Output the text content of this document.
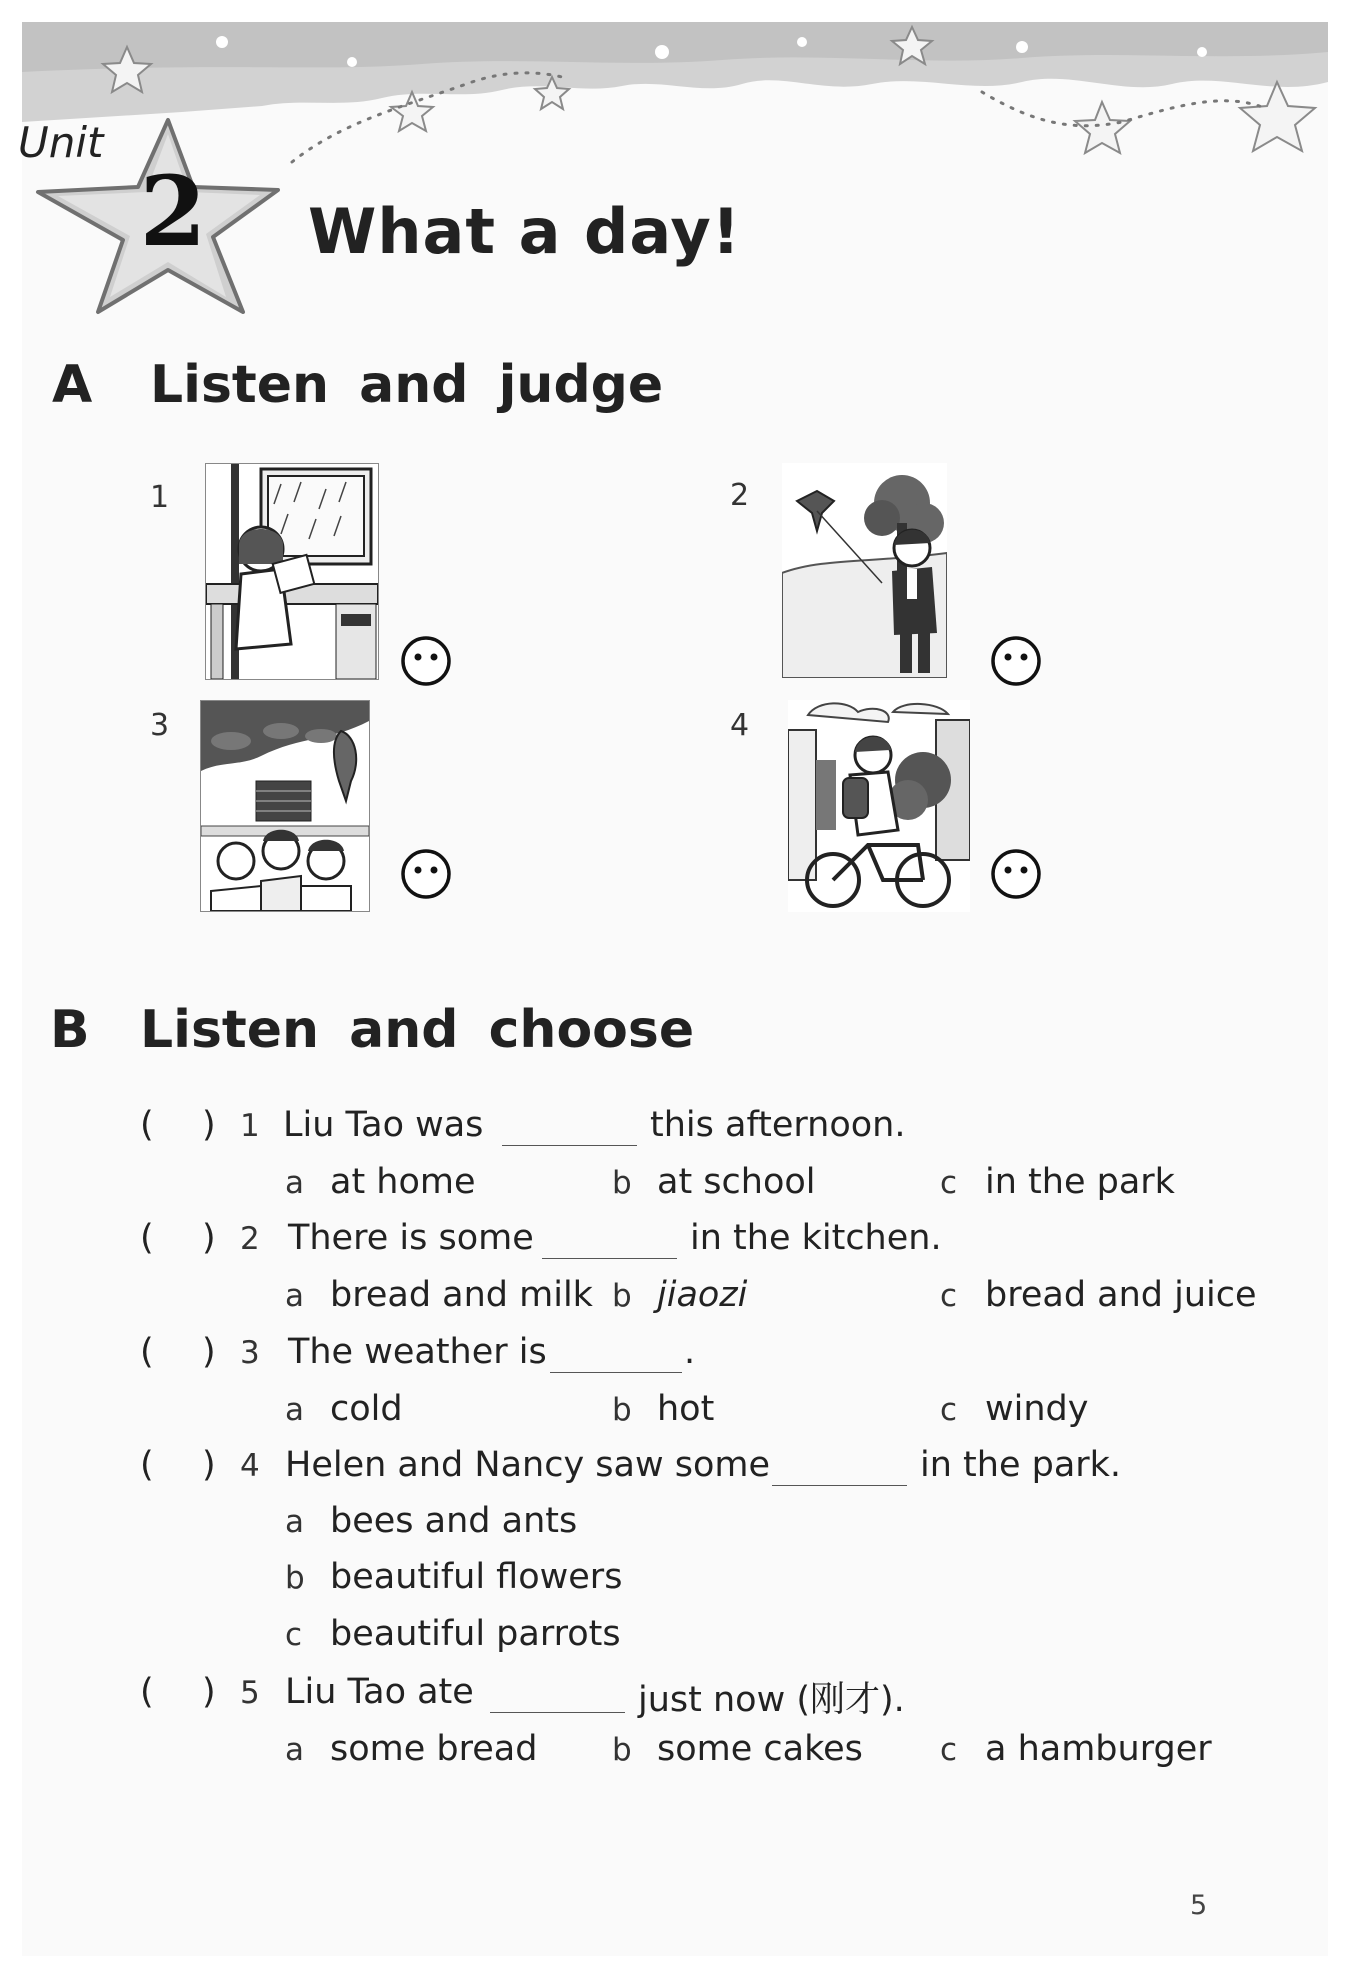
Unit
2 What a day!
A Listen and judge
1	2
3	4
B Listen and choose
( ) 1 Liu Tao was	this afternoon.
a at home	b at school	c in the park
( ) 2 There is some	in the kitchen.
a bread and milk b jiaozi	c bread and juice
( ) 3 The weather is	.
a cold	b hot	c windy
( ) 4 Helen and Nancy saw some	in the park.
a bees and ants
b beautiful flowers
c beautiful parrots
( ) 5 Liu Tao ate	just now (刚才).
a some bread b some cakes c a hamburger
5
